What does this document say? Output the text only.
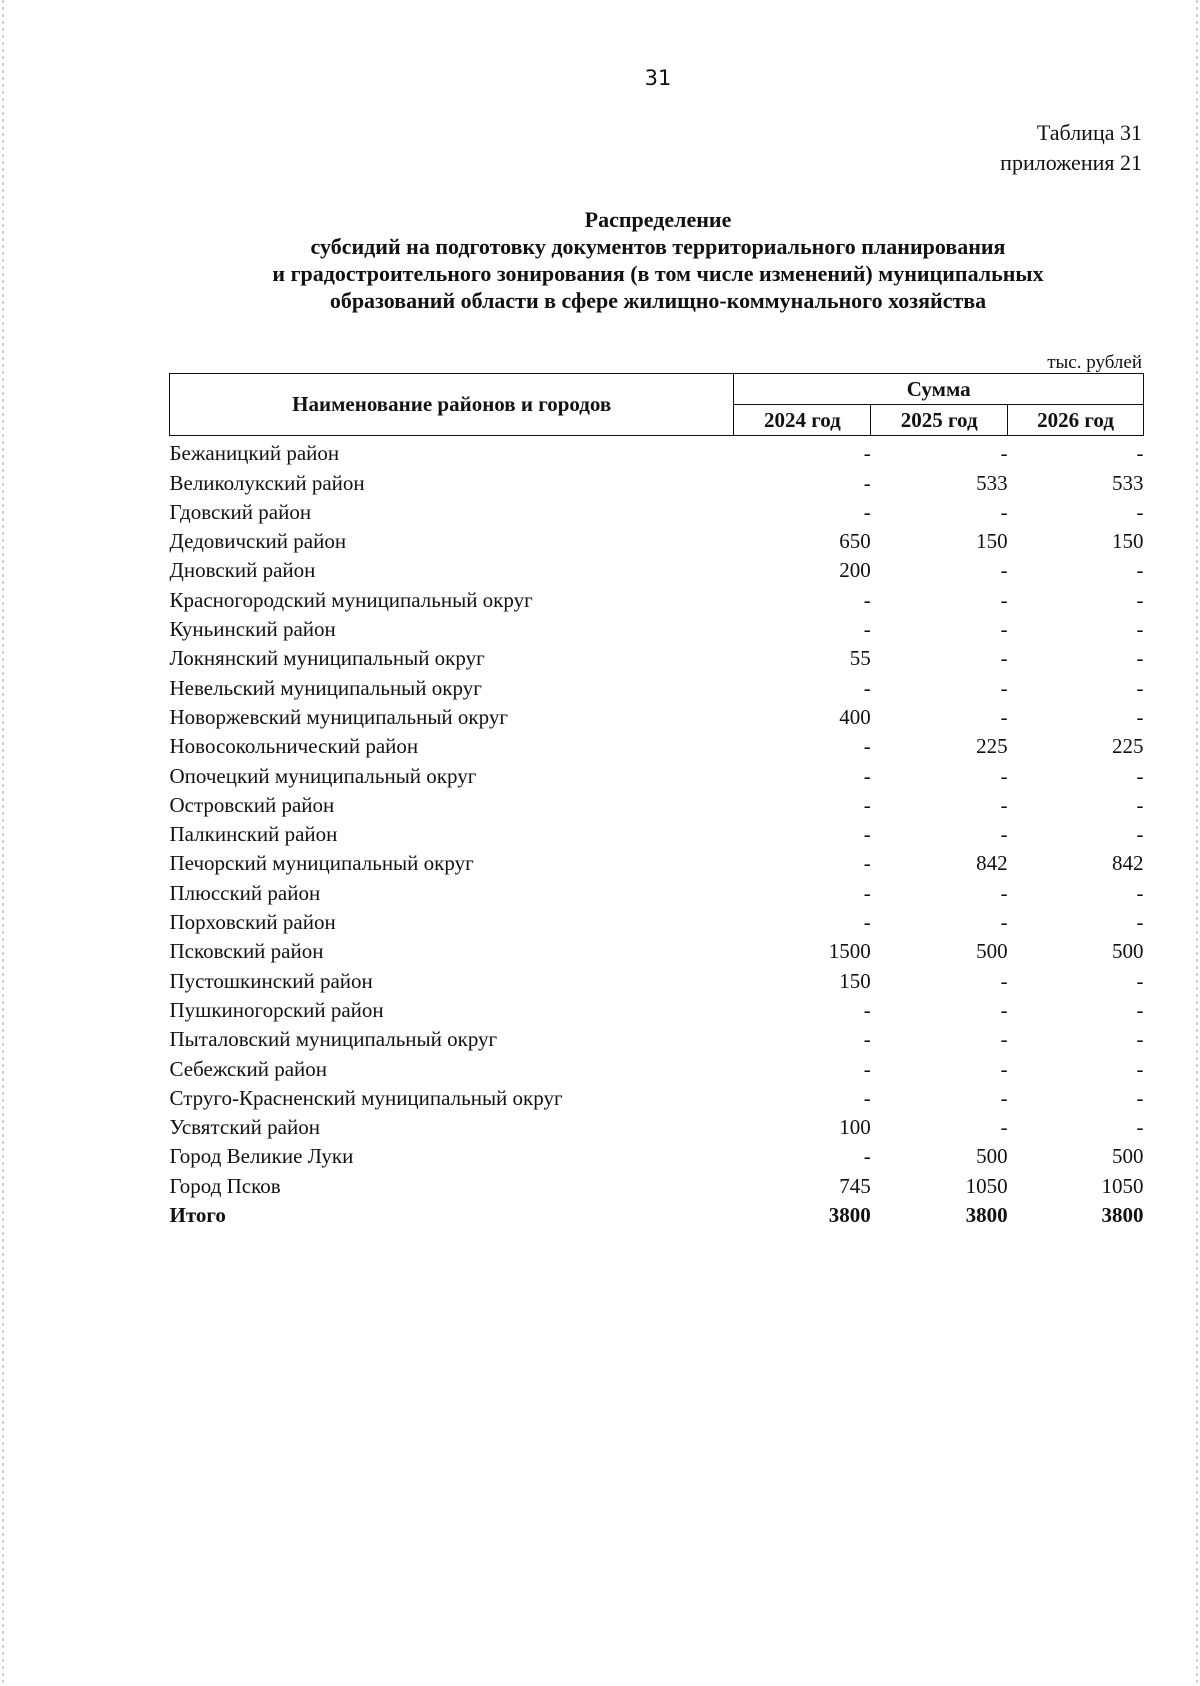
31
Таблица 31
приложения 21
Распределение
субсидий на подготовку документов территориального планирования
и градостроительного зонирования (в том числе изменений) муниципальных
образований области в сфере жилищно-коммунального хозяйства
тыс. рублей
Наименование районов и городов	Сумма		
	2024 год	2025 год	2026 год
Бежаницкий район	-	-	-
Великолукский район	-	533	533
Гдовский район	-	-	-
Дедовичский район	650	150	150
Дновский район	200	-	-
Красногородский муниципальный округ	-	-	-
Куньинский район	-	-	-
Локнянский муниципальный округ	55	-	-
Невельский муниципальный округ	-	-	-
Новоржевский муниципальный округ	400	-	-
Новосокольнический район	-	225	225
Опочецкий муниципальный округ	-	-	-
Островский район	-	-	-
Палкинский район	-	-	-
Печорский муниципальный округ	-	842	842
Плюсский район	-	-	-
Порховский район	-	-	-
Псковский район	1500	500	500
Пустошкинский район	150	-	-
Пушкиногорский район	-	-	-
Пыталовский муниципальный округ	-	-	-
Себежский район	-	-	-
Струго-Красненский муниципальный округ	-	-	-
Усвятский район	100	-	-
Город Великие Луки	-	500	500
Город Псков	745	1050	1050
Итого	3800	3800	3800
